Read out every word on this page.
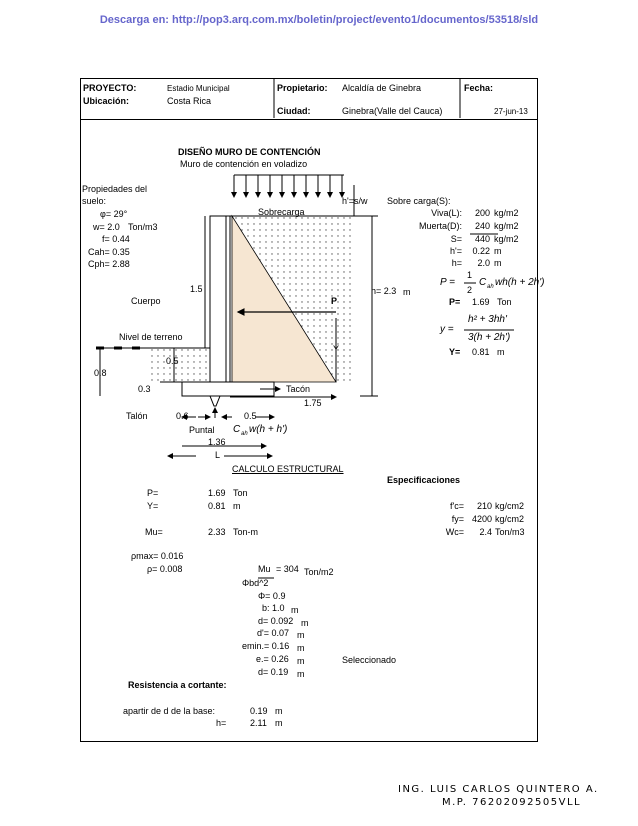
Descarga en: http://pop3.arq.com.mx/boletin/project/evento1/documentos/53518/sld
PROYECTO:	Estadio Municipal
Ubicación:	Costa Rica
Propietario: Alcaldía de Ginebra
Ciudad:	Ginebra(Valle del Cauca)
Fecha:
27-jun-13
DISEÑO MURO DE CONTENCIÓN
Muro de contención en voladizo
Propiedades del
suelo:
φ= 29°
w= 2.0 Ton/m3
f= 0.44
Cah= 0.35
Cph= 2.88
h'=s/w Sobre carga(S):
Viva(L):	200 kg/m2
Muerta(D):	240 kg/m2
S=	440 kg/m2
h'=	0.22 m
h=	2.0 m
P =
1
2
C ah wh(h + 2h')
P= 1.69 Ton
y =
h² + 3hh'
3(h + 2h')
Y= 0.81 m
Sobrecarga
h= 2.3 m
Cuerpo
1.5
P
Y
Nivel de terreno
0.5
0.8
0.3	Tacón
1.75
Talón	0.6	0.5
Puntal C ah w(h + h')
1.36
L
CALCULO ESTRUCTURAL
Especificaciones
P=	1.69 Ton
Y=	0.81 m
Mu=	2.33 Ton-m
f'c=	210 kg/cm2
fy= 4200 kg/cm2
Wc=	2.4 Ton/m3
ρmax= 0.016
ρ= 0.008	Mu = 304 Ton/m2
Φbd^2
Φ= 0.9
b: 1.0 m
d= 0.092 m
d'= 0.07 m
emin.= 0.16 m
e.= 0.26 m	Seleccionado
d= 0.19 m
Resistencia a cortante:
apartir de d de la base:	0.19 m
h=	2.11 m
ING. LUIS CARLOS QUINTERO A.
M.P. 76202092505VLL
